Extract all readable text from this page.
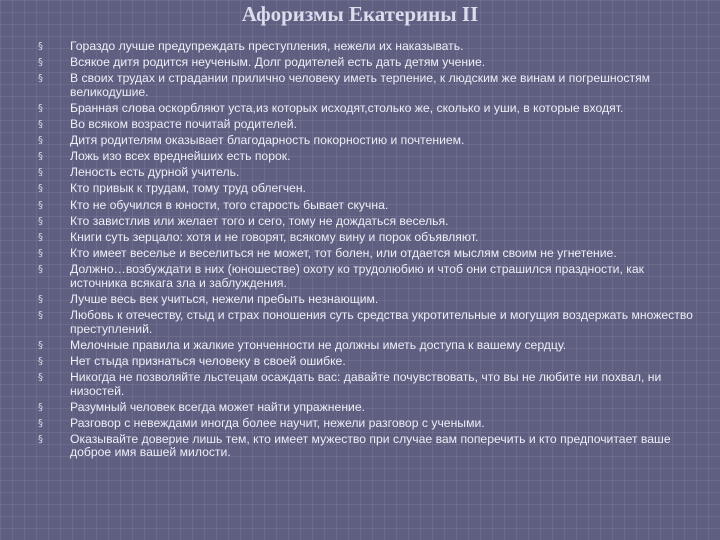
Афоризмы Екатерины II
§ Гораздо лучше предупреждать преступления, нежели их наказывать.
§ Всякое дитя родится неученым. Долг родителей есть дать детям учение.
§ В своих трудах и страдании прилично человеку иметь терпение, к людским же винам и погрешностям великодушие.
§ Бранная слова оскорбляют уста,из которых исходят,столько же, сколько и уши, в которые входят.
§ Во всяком возрасте почитай родителей.
§ Дитя родителям оказывает благодарность покорностию и почтением.
§ Ложь изо всех вреднейших есть порок.
§ Леность есть дурной учитель.
§ Кто привык к трудам, тому труд облегчен.
§ Кто не обучился в юности, того старость бывает скучна.
§ Кто завистлив или желает того и сего, тому не дождаться веселья.
§ Книги суть зерцало: хотя и не говорят, всякому вину и порок объявляют.
§ Кто имеет веселье и веселиться не может, тот болен, или отдается мыслям своим не угнетение.
§ Должно…возбуждати в них (юношестве) охоту ко трудолюбию и чтоб они страшился праздности, как источника всякага зла и заблуждения.
§ Лучше весь век учиться, нежели пребыть незнающим.
§ Любовь к отечеству, стыд и страх поношения суть средства укротительные и могущия воздержать множество преступлений.
§ Мелочные правила и жалкие утонченности не должны иметь доступа к вашему сердцу.
§ Нет стыда признаться человеку в своей ошибке.
§ Никогда не позволяйте льстецам осаждать вас: давайте почувствовать, что вы не любите ни похвал, ни низостей.
§ Разумный человек всегда может найти упражнение.
§ Разговор с невеждами иногда более научит, нежели разговор с учеными.
§ Оказывайте доверие лишь тем, кто имеет мужество при случае вам поперечить и кто предпочитает ваше доброе имя вашей милости.
